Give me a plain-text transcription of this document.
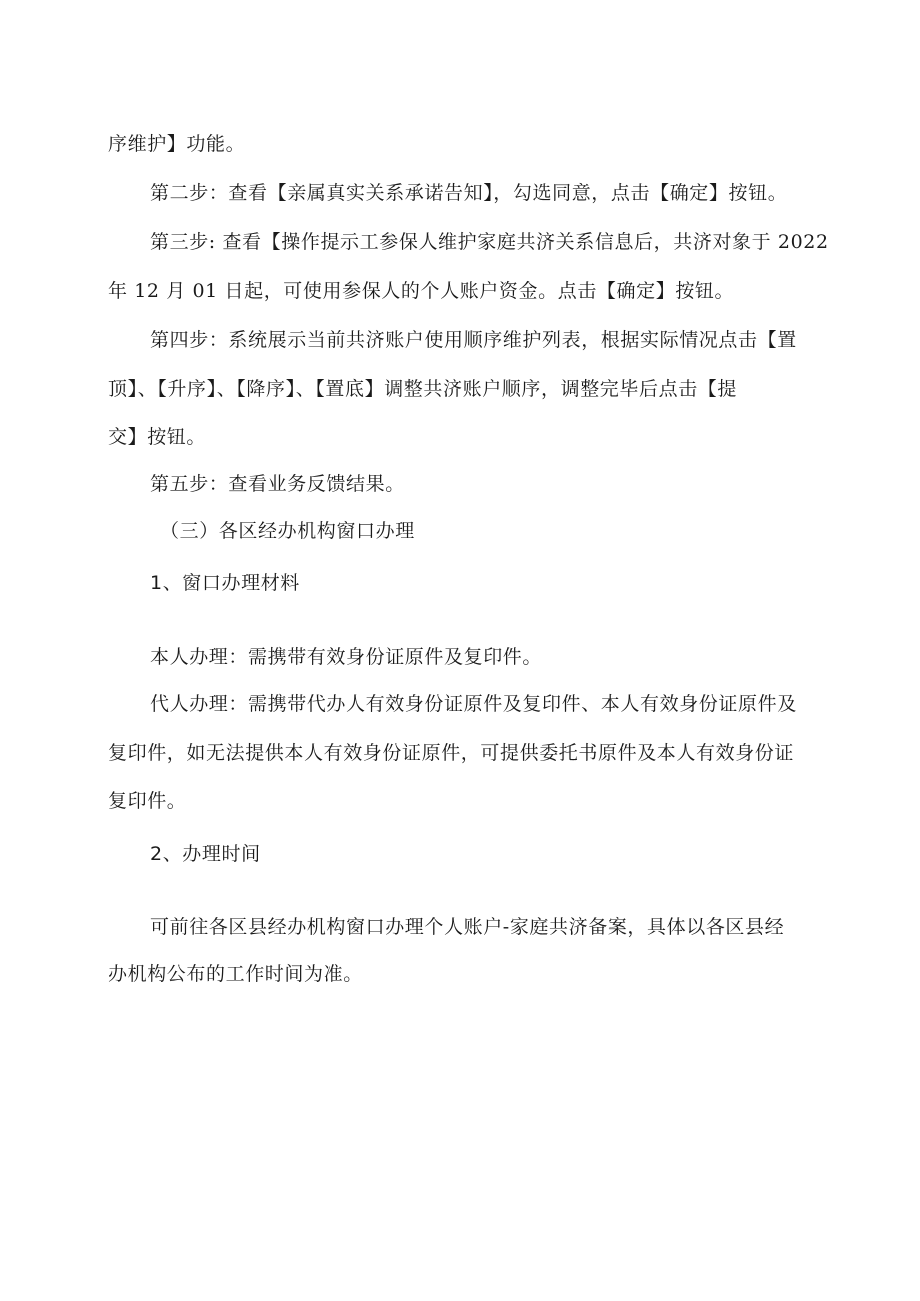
序维护】功能。
第二步：查看【亲属真实关系承诺告知】，勾选同意，点击【确定】按钮。
第三步: 查看【操作提示工参保人维护家庭共济关系信息后，共济对象于 2022
年 12 月 01 日起，可使用参保人的个人账户资金。点击【确定】按钮。
第四步：系统展示当前共济账户使用顺序维护列表，根据实际情况点击【置
顶】、【升序】、【降序】、【置底】调整共济账户顺序，调整完毕后点击【提
交】按钮。
第五步：查看业务反馈结果。
（三）各区经办机构窗口办理
1、窗口办理材料
本人办理：需携带有效身份证原件及复印件。
代人办理：需携带代办人有效身份证原件及复印件、本人有效身份证原件及
复印件，如无法提供本人有效身份证原件，可提供委托书原件及本人有效身份证
复印件。
2、办理时间
可前往各区县经办机构窗口办理个人账户-家庭共济备案，具体以各区县经
办机构公布的工作时间为准。
